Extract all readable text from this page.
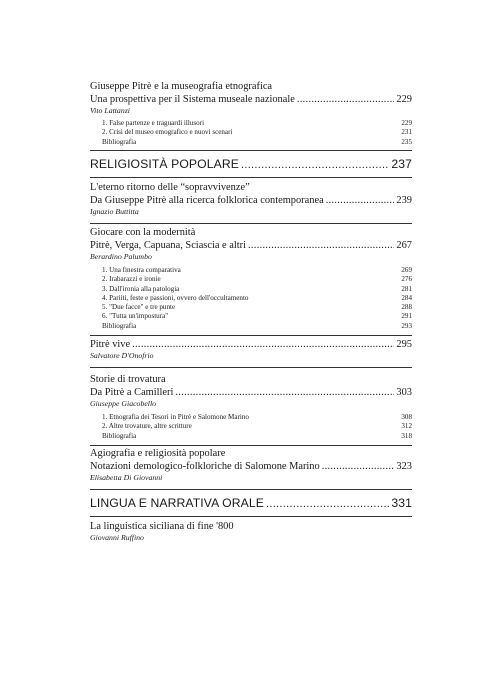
Giuseppe Pitrè e la museografia etnografica
Una prospettiva per il Sistema museale nazionale .....	229
Vito Lattanzi
1. False partenze e traguardi illusori	229
2. Crisi del museo emografico e nuovi scenari	231
Bibliografia	235
RELIGIOSITÀ POPOLARE .....	237
L'eterno ritorno delle “sopravvivenze”
Da Giuseppe Pitrè alla ricerca folklorica contemporanea .....	239
Ignazio Buttitta
Giocare con la modernità
Pitrè, Verga, Capuana, Sciascia e altri .....	267
Berardino Palumbo
1. Una finestra comparativa	269
2. Irabarazzi e ironie	276
3. Dall'ironia alla patologia	281
4. Pariiti, feste e passioni, ovvero dell'occultamento	284
5. "Due facce" e tre punte	288
6. "Tutta un'impostura"	291
Bibliografia	293
Pitrè vive .....	295
Salvatore D'Onofrio
Storie di trovatura
Da Pitrè a Camilleri .....	303
Giuseppe Giacobello
1. Etnografia dei Tesori in Pitrè e Salomone Marino	308
2. Altre trovature, altre scritture	312
Bibliografia	318
Agiografia e religiosità popolare
Notazioni demologico-folkloriche di Salomone Marino .....	323
Elisabetta Di Giovanni
LINGUA E NARRATIVA ORALE .....	331
La linguistica siciliana di fine '800
Giovanni Ruffino
